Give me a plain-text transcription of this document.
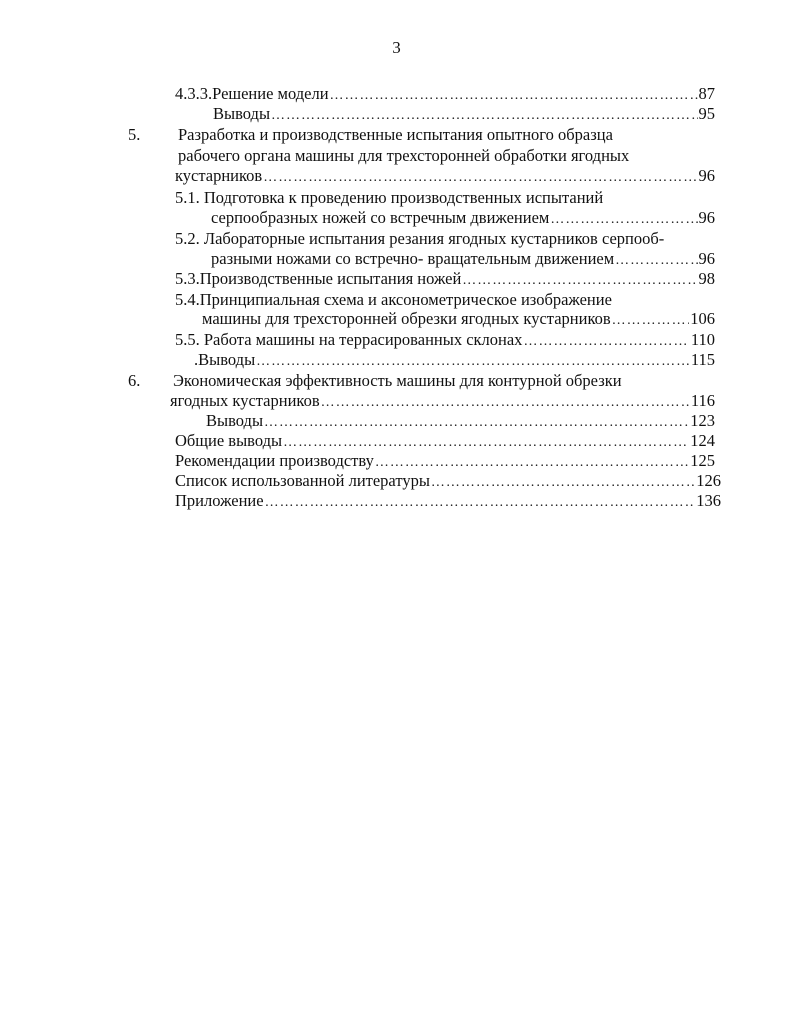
3
4.3.3.Решение модели ……………………………………………………………………………………………………………………………………………………………………………………	87
Выводы ……………………………………………………………………………………………………………………………………………………………………………………	95
5. Разработка и производственные испытания опытного образца
рабочего органа машины для трехсторонней обработки ягодных
кустарников ……………………………………………………………………………………………………………………………………………………………………………………	96
5.1. Подготовка к проведению производственных испытаний
серпообразных ножей со встречным движением ……………………………………………………………………………………………………………………………………………………………………………………	96
5.2. Лабораторные испытания резания ягодных кустарников серпооб-
разными ножами со встречно- вращательным движением ……………………………………………………………………………………………………………………………………………………………………………………	96
5.3.Производственные испытания ножей ……………………………………………………………………………………………………………………………………………………………………………………	98
5.4.Принципиальная схема и аксонометрическое изображение
машины для трехсторонней обрезки ягодных кустарников ……………………………………………………………………………………………………………………………………………………………………………………	106
5.5. Работа машины на террасированных склонах ……………………………………………………………………………………………………………………………………………………………………………………	110
.Выводы ……………………………………………………………………………………………………………………………………………………………………………………	115
6. Экономическая эффективность машины для контурной обрезки
ягодных кустарников ……………………………………………………………………………………………………………………………………………………………………………………	116
Выводы ……………………………………………………………………………………………………………………………………………………………………………………	123
Общие выводы ……………………………………………………………………………………………………………………………………………………………………………………	124
Рекомендации производству ……………………………………………………………………………………………………………………………………………………………………………………	125
Список использованной литературы ……………………………………………………………………………………………………………………………………………………………………………………	126
Приложение ……………………………………………………………………………………………………………………………………………………………………………………	136
